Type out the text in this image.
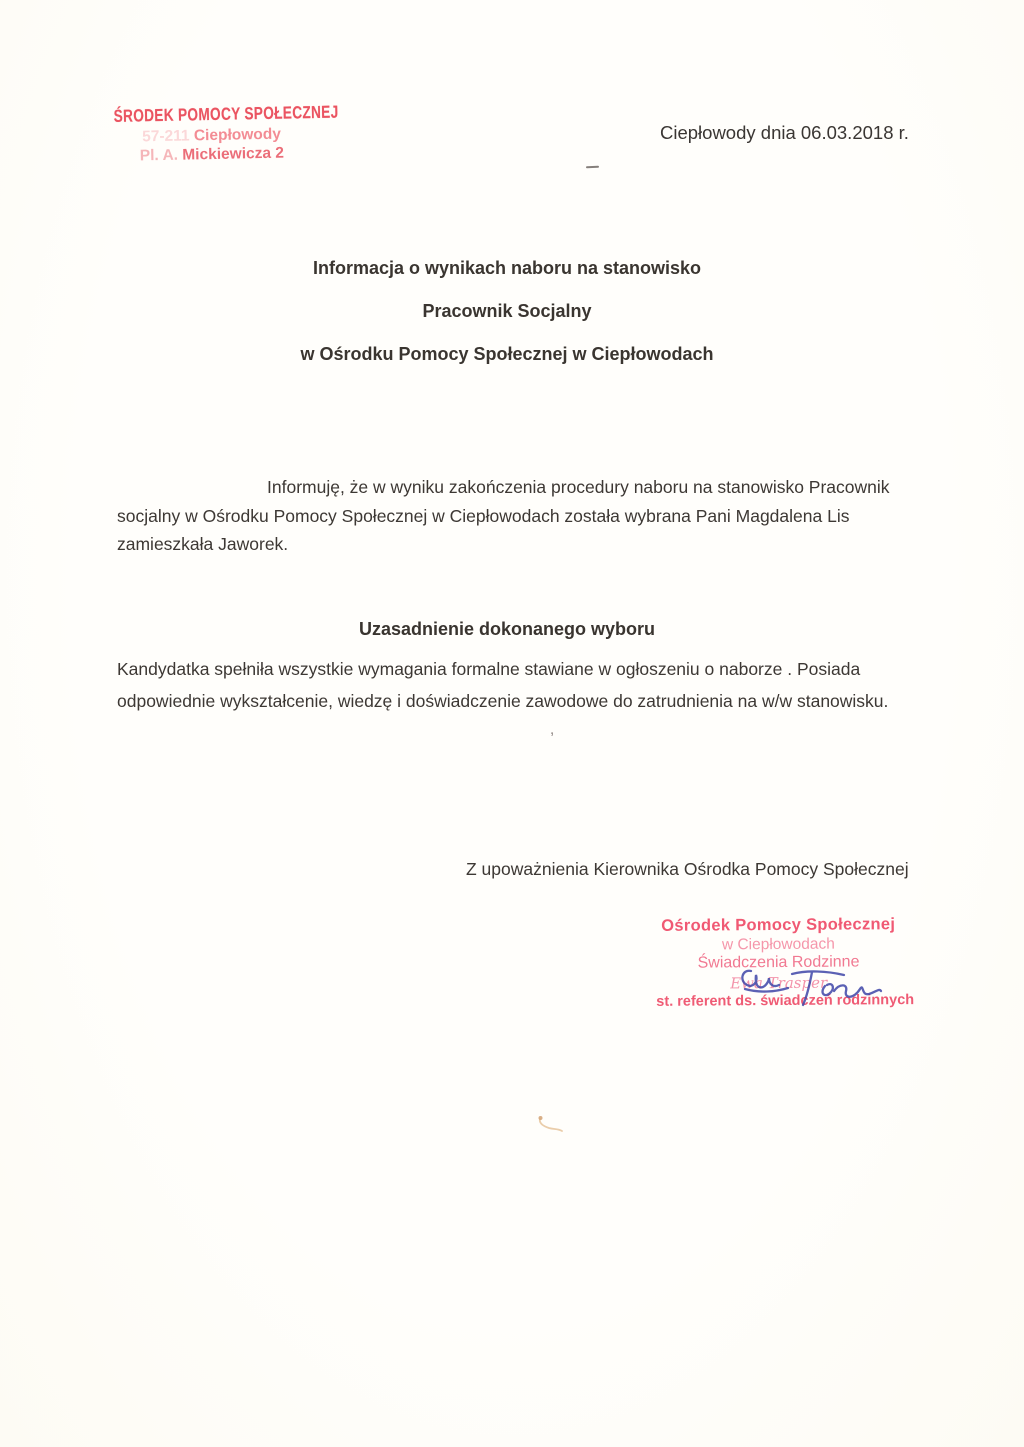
ŚRODEK POMOCY SPOŁECZNEJ
57-211 Ciepłowody
Pl. A. Mickiewicza 2
Ciepłowody dnia 06.03.2018 r.
Informacja o wynikach naboru na stanowisko
Pracownik Socjalny
w Ośrodku Pomocy Społecznej w Ciepłowodach
Informuję, że w wyniku zakończenia procedury naboru na stanowisko Pracownik
socjalny w Ośrodku Pomocy Społecznej w Ciepłowodach została wybrana Pani Magdalena Lis
zamieszkała Jaworek.
Uzasadnienie dokonanego wyboru
Kandydatka spełniła wszystkie wymagania formalne stawiane w ogłoszeniu o naborze . Posiada
odpowiednie wykształcenie, wiedzę i doświadczenie zawodowe do zatrudnienia na w/w stanowisku.
,
Z upoważnienia Kierownika Ośrodka Pomocy Społecznej
Ośrodek Pomocy Społecznej
w Ciepłowodach
Świadczenia Rodzinne
Ewa Trasper
st. referent ds. świadczeń rodzinnych
